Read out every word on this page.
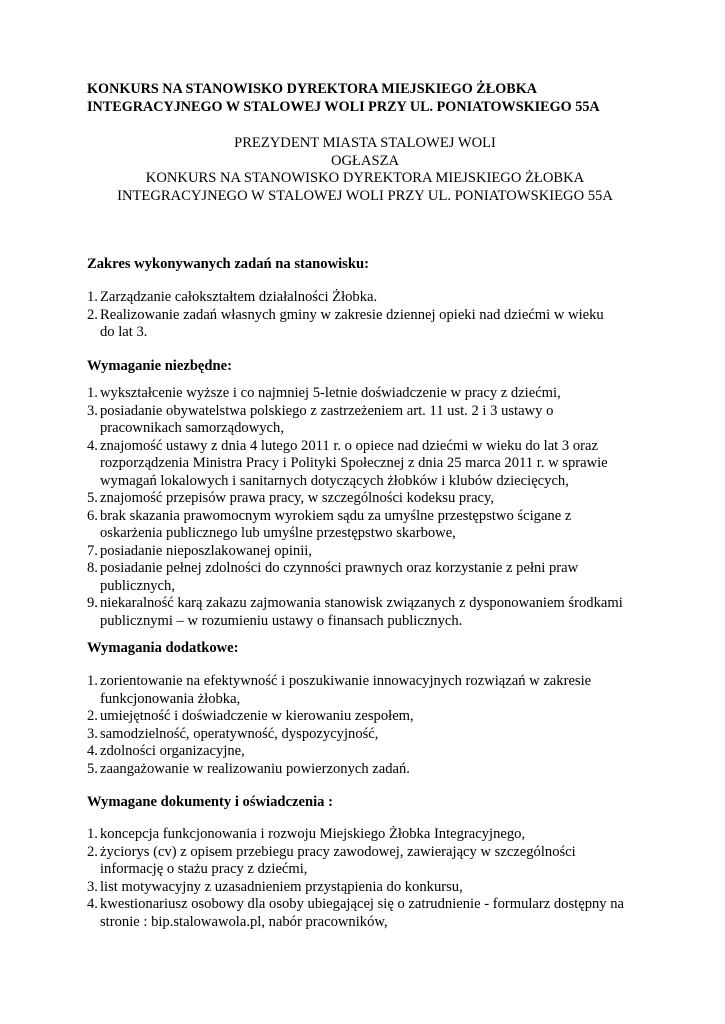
KONKURS NA STANOWISKO DYREKTORA MIEJSKIEGO ŻŁOBKA
INTEGRACYJNEGO W STALOWEJ WOLI PRZY UL. PONIATOWSKIEGO 55A
PREZYDENT MIASTA STALOWEJ WOLI
OGŁASZA
KONKURS NA STANOWISKO DYREKTORA MIEJSKIEGO ŻŁOBKA
INTEGRACYJNEGO W STALOWEJ WOLI PRZY UL. PONIATOWSKIEGO 55A
Zakres wykonywanych zadań na stanowisku:
1. Zarządzanie całokształtem działalności Żłobka.
2. Realizowanie zadań własnych gminy w zakresie dziennej opieki nad dziećmi w wieku
do lat 3.
Wymaganie niezbędne:
1. wykształcenie wyższe i co najmniej 5-letnie doświadczenie w pracy z dziećmi,
3. posiadanie obywatelstwa polskiego z zastrzeżeniem art. 11 ust. 2 i 3 ustawy o
pracownikach samorządowych,
4. znajomość ustawy z dnia 4 lutego 2011 r. o opiece nad dziećmi w wieku do lat 3 oraz
rozporządzenia Ministra Pracy i Polityki Społecznej z dnia 25 marca 2011 r. w sprawie
wymagań lokalowych i sanitarnych dotyczących żłobków i klubów dziecięcych,
5. znajomość przepisów prawa pracy, w szczególności kodeksu pracy,
6. brak skazania prawomocnym wyrokiem sądu za umyślne przestępstwo ścigane z
oskarżenia publicznego lub umyślne przestępstwo skarbowe,
7. posiadanie nieposzlakowanej opinii,
8. posiadanie pełnej zdolności do czynności prawnych oraz korzystanie z pełni praw
publicznych,
9. niekaralność karą zakazu zajmowania stanowisk związanych z dysponowaniem środkami
publicznymi – w rozumieniu ustawy o finansach publicznych.
Wymagania dodatkowe:
1. zorientowanie na efektywność i poszukiwanie innowacyjnych rozwiązań w zakresie
funkcjonowania żłobka,
2. umiejętność i doświadczenie w kierowaniu zespołem,
3. samodzielność, operatywność, dyspozycyjność,
4. zdolności organizacyjne,
5. zaangażowanie w realizowaniu powierzonych zadań.
Wymagane dokumenty i oświadczenia :
1. koncepcja funkcjonowania i rozwoju Miejskiego Żłobka Integracyjnego,
2. życiorys (cv) z opisem przebiegu pracy zawodowej, zawierający w szczególności
informację o stażu pracy z dziećmi,
3. list motywacyjny z uzasadnieniem przystąpienia do konkursu,
4. kwestionariusz osobowy dla osoby ubiegającej się o zatrudnienie - formularz dostępny na
stronie : bip.stalowawola.pl, nabór pracowników,
